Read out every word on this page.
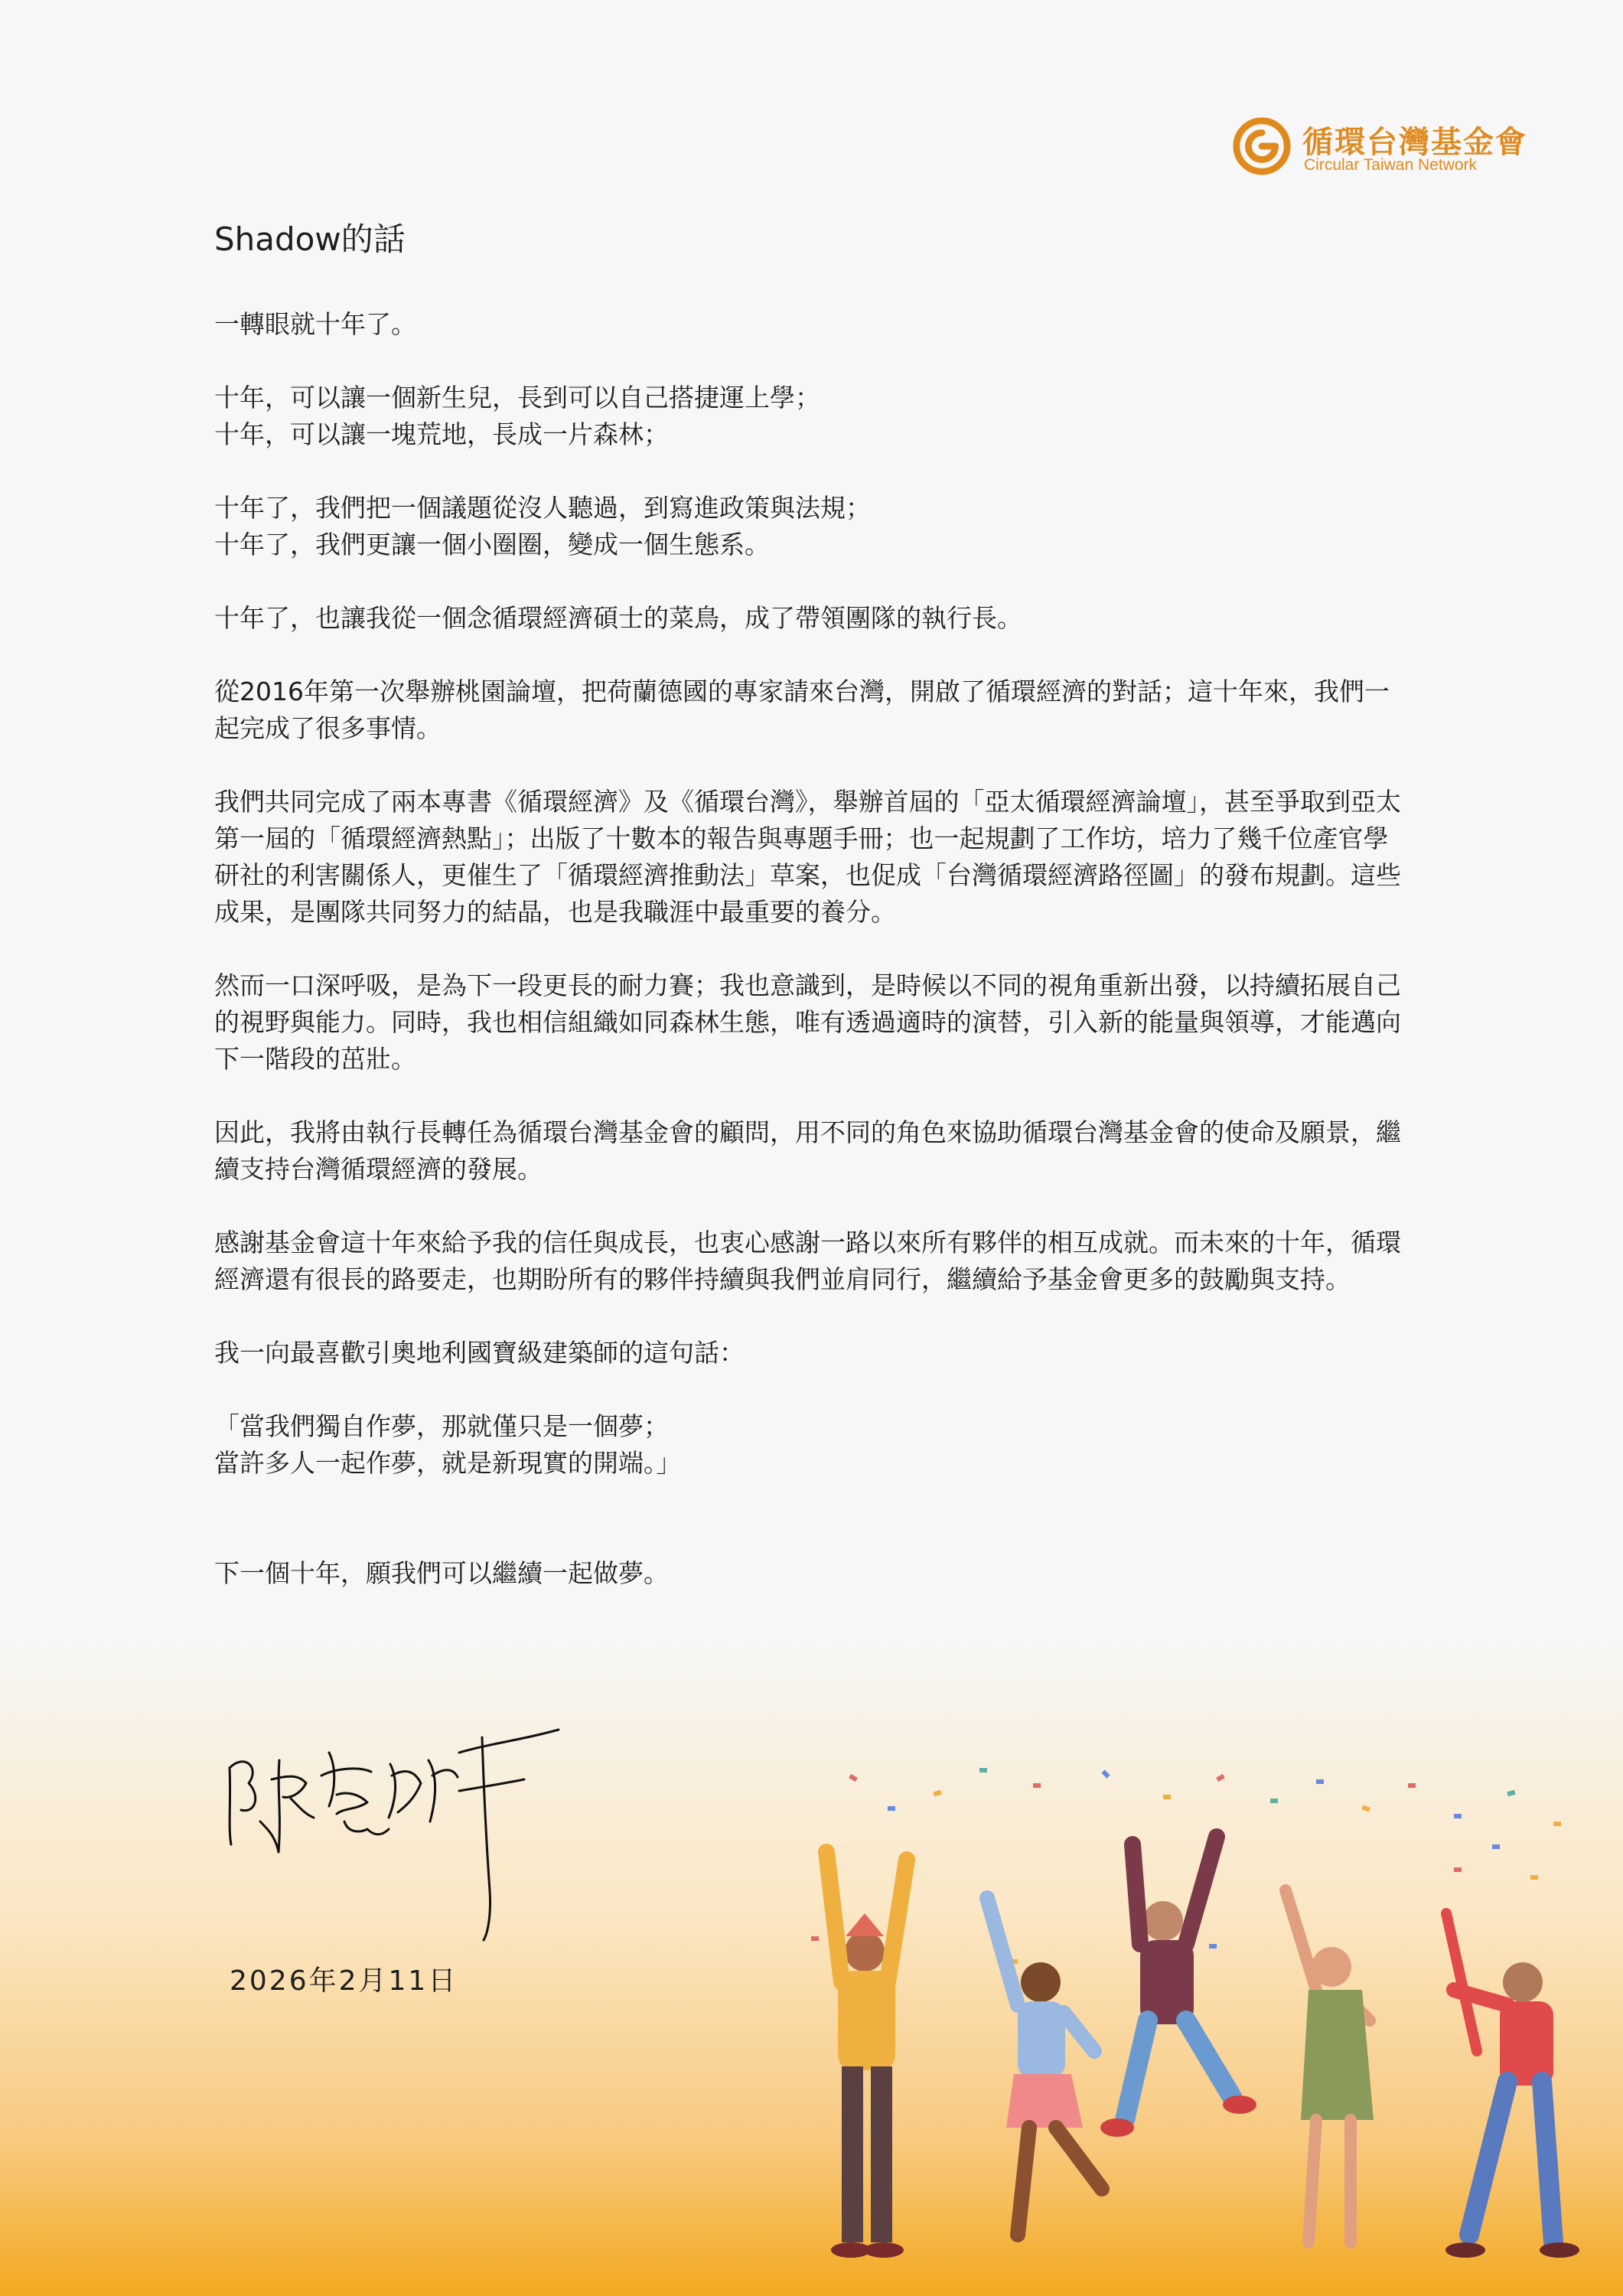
循環台灣基金會
Circular Taiwan Network
Shadow的話

一轉眼就十年了。

十年，可以讓一個新生兒，長到可以自己搭捷運上學；
十年，可以讓一塊荒地，長成一片森林；

十年了，我們把一個議題從沒人聽過，到寫進政策與法規；
十年了，我們更讓一個小圈圈，變成一個生態系。

十年了，也讓我從一個念循環經濟碩士的菜鳥，成了帶領團隊的執行長。

從2016年第一次舉辦桃園論壇，把荷蘭德國的專家請來台灣，開啟了循環經濟的對話；這十年來，我們一起完成了很多事情。

我們共同完成了兩本專書《循環經濟》及《循環台灣》，舉辦首屆的「亞太循環經濟論壇」，甚至爭取到亞太第一屆的「循環經濟熱點」；出版了十數本的報告與專題手冊；也一起規劃了工作坊，培力了幾千位產官學研社的利害關係人，更催生了「循環經濟推動法」草案，也促成「台灣循環經濟路徑圖」的發布規劃。這些成果，是團隊共同努力的結晶，也是我職涯中最重要的養分。

然而一口深呼吸，是為下一段更長的耐力賽；我也意識到，是時候以不同的視角重新出發，以持續拓展自己的視野與能力。同時，我也相信組織如同森林生態，唯有透過適時的演替，引入新的能量與領導，才能邁向下一階段的茁壯。

因此，我將由執行長轉任為循環台灣基金會的顧問，用不同的角色來協助循環台灣基金會的使命及願景，繼續支持台灣循環經濟的發展。

感謝基金會這十年來給予我的信任與成長，也衷心感謝一路以來所有夥伴的相互成就。而未來的十年，循環經濟還有很長的路要走，也期盼所有的夥伴持續與我們並肩同行，繼續給予基金會更多的鼓勵與支持。

我一向最喜歡引奧地利國寶級建築師的這句話：

「當我們獨自作夢，那就僅只是一個夢；
當許多人一起作夢，就是新現實的開端。」

下一個十年，願我們可以繼續一起做夢。

2026年2月11日
